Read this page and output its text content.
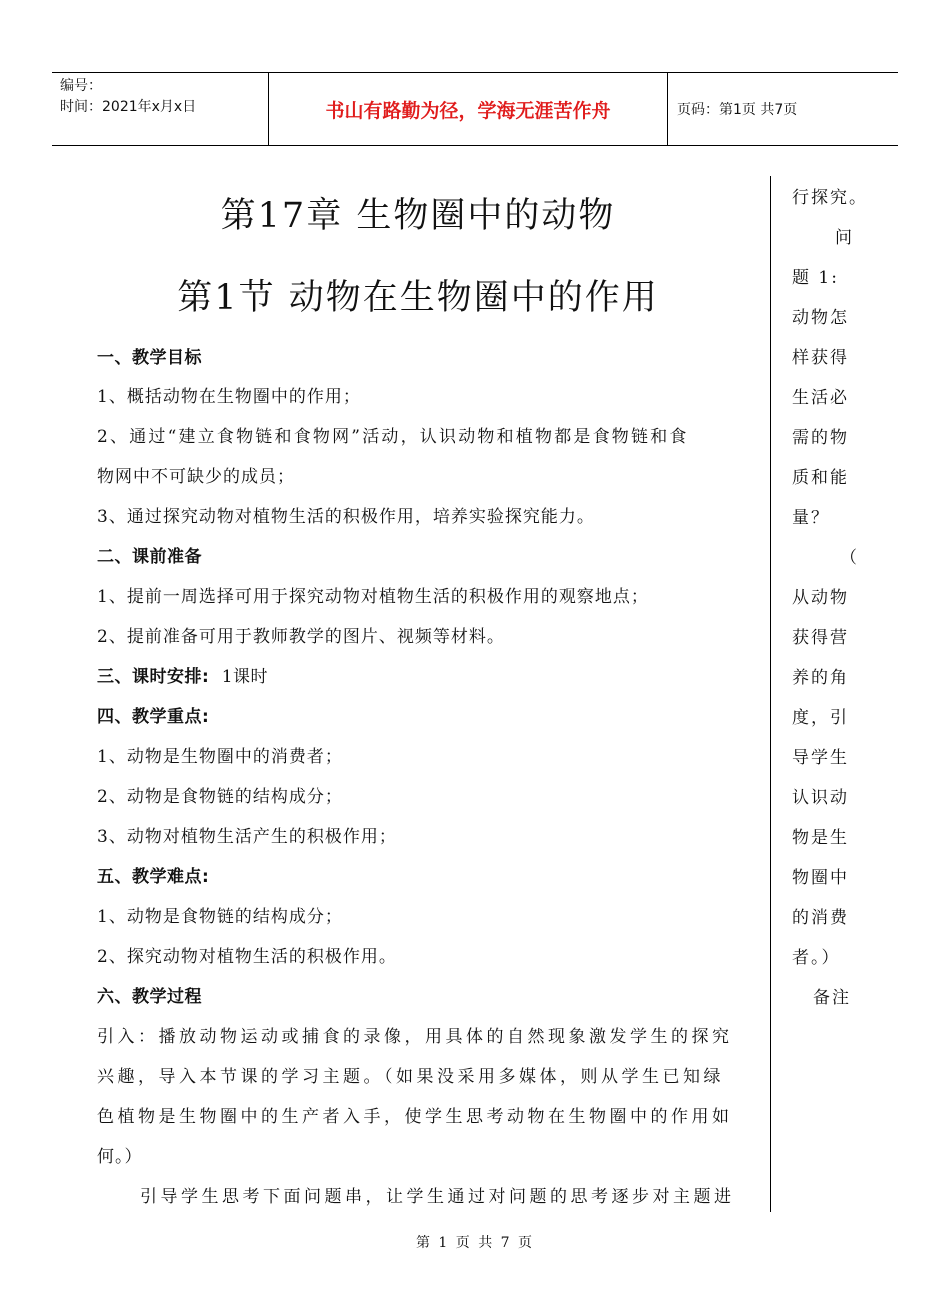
编号：
时间：2021年x月x日	书山有路勤为径，学海无涯苦作舟	页码：第1页 共7页
第17章 生物圈中的动物
第1节 动物在生物圈中的作用
一、教学目标
1、概括动物在生物圈中的作用；
2、通过“建立食物链和食物网”活动，认识动物和植物都是食物链和食
物网中不可缺少的成员；
3、通过探究动物对植物生活的积极作用，培养实验探究能力。
二、课前准备
1、提前一周选择可用于探究动物对植物生活的积极作用的观察地点；
2、提前准备可用于教师教学的图片、视频等材料。
三、课时安排: 1课时
四、教学重点:
1、动物是生物圈中的消费者；
2、动物是食物链的结构成分；
3、动物对植物生活产生的积极作用；
五、教学难点:
1、动物是食物链的结构成分；
2、探究动物对植物生活的积极作用。
六、教学过程
引入：播放动物运动或捕食的录像，用具体的自然现象激发学生的探究
兴趣，导入本节课的学习主题。（如果没采用多媒体，则从学生已知绿
色植物是生物圈中的生产者入手，使学生思考动物在生物圈中的作用如
何。）
引导学生思考下面问题串，让学生通过对问题的思考逐步对主题进
行探究。
问
题 1:
动物怎
样获得
生活必
需的物
质和能
量？
（
从动物
获得营
养的角
度，引
导学生
认识动
物是生
物圈中
的消费
者。）
备注
第 1 页 共 7 页
